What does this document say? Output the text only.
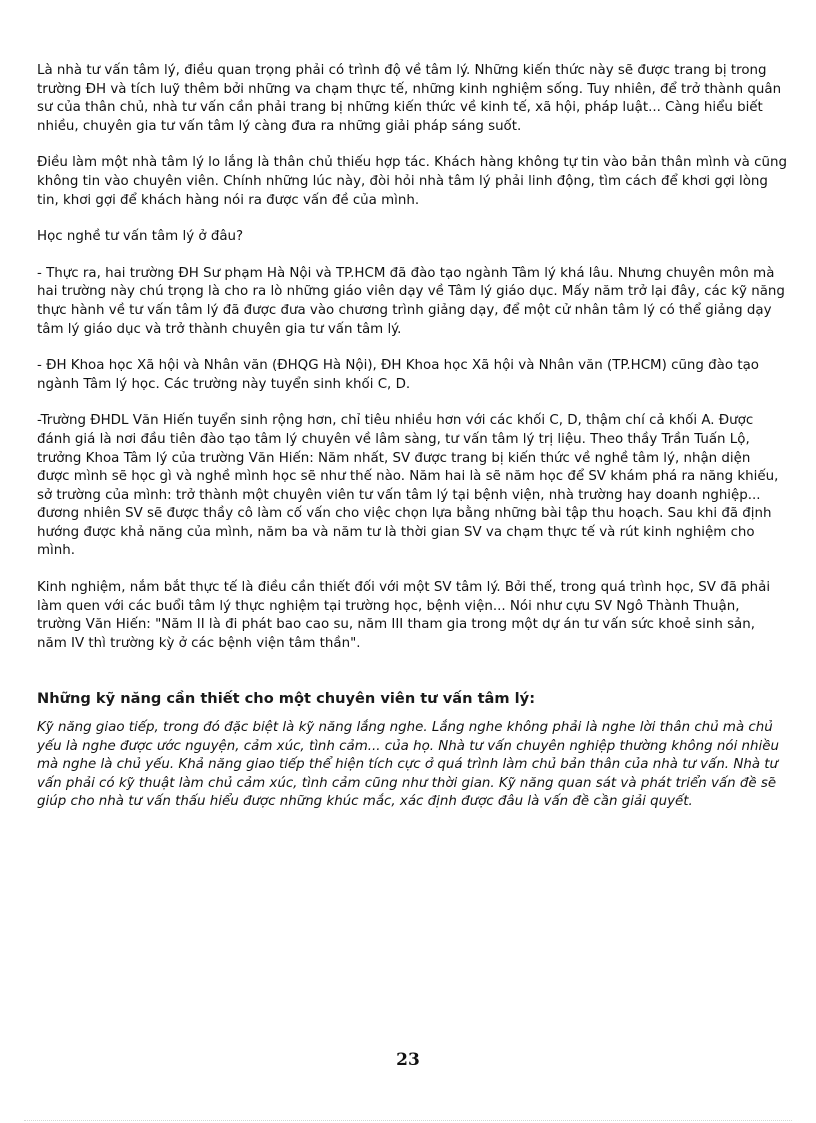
Là nhà tư vấn tâm lý, điều quan trọng phải có trình độ về tâm lý. Những kiến thức này sẽ được trang bị trong trường ĐH và tích luỹ thêm bởi những va chạm thực tế, những kinh nghiệm sống. Tuy nhiên, để trở thành quân sư của thân chủ, nhà tư vấn cần phải trang bị những kiến thức về kinh tế, xã hội, pháp luật... Càng hiểu biết nhiều, chuyên gia tư vấn tâm lý càng đưa ra những giải pháp sáng suốt.

Điều làm một nhà tâm lý lo lắng là thân chủ thiếu hợp tác. Khách hàng không tự tin vào bản thân mình và cũng không tin vào chuyên viên. Chính những lúc này, đòi hỏi nhà tâm lý phải linh động, tìm cách để khơi gợi lòng tin, khơi gợi để khách hàng nói ra được vấn đề của mình.

Học nghề tư vấn tâm lý ở đâu?

- Thực ra, hai trường ĐH Sư phạm Hà Nội và TP.HCM đã đào tạo ngành Tâm lý khá lâu. Nhưng chuyên môn mà hai trường này chú trọng là cho ra lò những giáo viên dạy về Tâm lý giáo dục. Mấy năm trở lại đây, các kỹ năng thực hành về tư vấn tâm lý đã được đưa vào chương trình giảng dạy, để một cử nhân tâm lý có thể giảng dạy tâm lý giáo dục và trở thành chuyên gia tư vấn tâm lý.

- ĐH Khoa học Xã hội và Nhân văn (ĐHQG Hà Nội), ĐH Khoa học Xã hội và Nhân văn (TP.HCM) cũng đào tạo ngành Tâm lý học. Các trường này tuyển sinh khối C, D.

-Trường ĐHDL Văn Hiến tuyển sinh rộng hơn, chỉ tiêu nhiều hơn với các khối C, D, thậm chí cả khối A. Được đánh giá là nơi đầu tiên đào tạo tâm lý chuyên về lâm sàng, tư vấn tâm lý trị liệu. Theo thầy Trần Tuấn Lộ, trưởng Khoa Tâm lý của trường Văn Hiến: Năm nhất, SV được trang bị kiến thức về nghề tâm lý, nhận diện được mình sẽ học gì và nghề mình học sẽ như thế nào. Năm hai là sẽ năm học để SV khám phá ra năng khiếu, sở trường của mình: trở thành một chuyên viên tư vấn tâm lý tại bệnh viện, nhà trường hay doanh nghiệp... đương nhiên SV sẽ được thầy cô làm cố vấn cho việc chọn lựa bằng những bài tập thu hoạch. Sau khi đã định hướng được khả năng của mình, năm ba và năm tư là thời gian SV va chạm thực tế và rút kinh nghiệm cho mình.

Kinh nghiệm, nắm bắt thực tế là điều cần thiết đối với một SV tâm lý. Bởi thế, trong quá trình học, SV đã phải làm quen với các buổi tâm lý thực nghiệm tại trường học, bệnh viện... Nói như cựu SV Ngô Thành Thuận, trường Văn Hiến: "Năm II là đi phát bao cao su, năm III tham gia trong một dự án tư vấn sức khoẻ sinh sản, năm IV thì trường kỳ ở các bệnh viện tâm thần".

Những kỹ năng cần thiết cho một chuyên viên tư vấn tâm lý:

Kỹ năng giao tiếp, trong đó đặc biệt là kỹ năng lắng nghe. Lắng nghe không phải là nghe lời thân chủ mà chủ yếu là nghe được ước nguyện, cảm xúc, tình cảm... của họ. Nhà tư vấn chuyên nghiệp thường không nói nhiều mà nghe là chủ yếu. Khả năng giao tiếp thể hiện tích cực ở quá trình làm chủ bản thân của nhà tư vấn. Nhà tư vấn phải có kỹ thuật làm chủ cảm xúc, tình cảm cũng như thời gian. Kỹ năng quan sát và phát triển vấn đề sẽ giúp cho nhà tư vấn thấu hiểu được những khúc mắc, xác định được đâu là vấn đề cần giải quyết.

23
